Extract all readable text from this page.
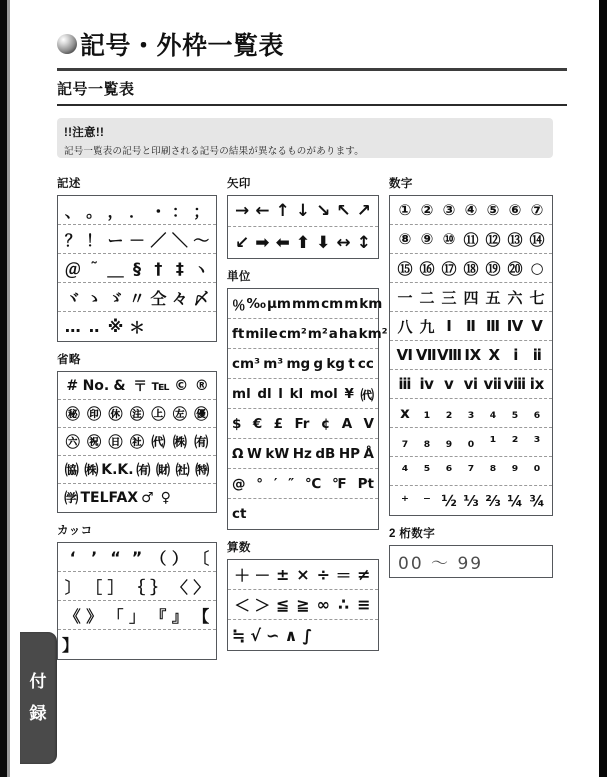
記号・外枠一覧表
記号一覧表
!!注意!!
記号一覧表の記号と印刷される記号の結果が異なるものがあります。
記述
、 。 ， ． ・ ： ；
？ ！ ー － ／ ＼ ～
＠ ˜ ＿ § † ‡ ヽ
ヾ ゝ ゞ 〃 仝 々 〆
… ‥ ※ ＊
省略
# No. & 〒 ℡ © ®
㊙ ㊞ ㊡ ㊟ ㊤ ㊧ ㊝
㊅ ㊗ ㊐ ㊓ ㈹ ㈱ ㈲
㈿ ㈱ K.K. ㈲ ㈶ ㈳ ㈵
㈻ TEL FAX ♂ ♀
カッコ
‘ ’ “ ” （ ） 〔
〕 ［ ］ ｛ ｝ 〈 〉
《 》 「 」 『 』 【
】
矢印
→ ← ↑ ↓ ↘ ↖ ↗
↙ ➡ ⬅ ⬆ ⬇ ↔ ↕
単位
％ ‰ μm mm cm m km
ft mile cm² m² a ha km²
cm³ m³ mg g kg t cc
ml dl l kl mol ¥ ㈹
$ € £ Fr ¢ A V
Ω W kW Hz dB HP Å
@ ° ′ ″ ℃ ℉ Pt
ct
算数
＋ － ± × ÷ ＝ ≠
＜ ＞ ≦ ≧ ∞ ∴ ≡
≒ √ ∽ ∧ ∫
数字
① ② ③ ④ ⑤ ⑥ ⑦
⑧ ⑨ ⑩ ⑪ ⑫ ⑬ ⑭
⑮ ⑯ ⑰ ⑱ ⑲ ⑳ ○
一 二 三 四 五 六 七
八 九 Ⅰ Ⅱ Ⅲ Ⅳ Ⅴ
Ⅵ Ⅶ Ⅷ Ⅸ Ⅹ ⅰ ⅱ
ⅲ ⅳ ⅴ ⅵ ⅶ ⅷ ⅸ
ⅹ ₁	₂	₃	₄	₅	₆
₇	₈	₉	₀	¹	²	³
⁴	⁵	⁶	⁷	⁸	⁹	⁰
⁺ ⁻ ½ ⅓ ⅔ ¼ ¾
2 桁数字
00 ～ 99
付
録
